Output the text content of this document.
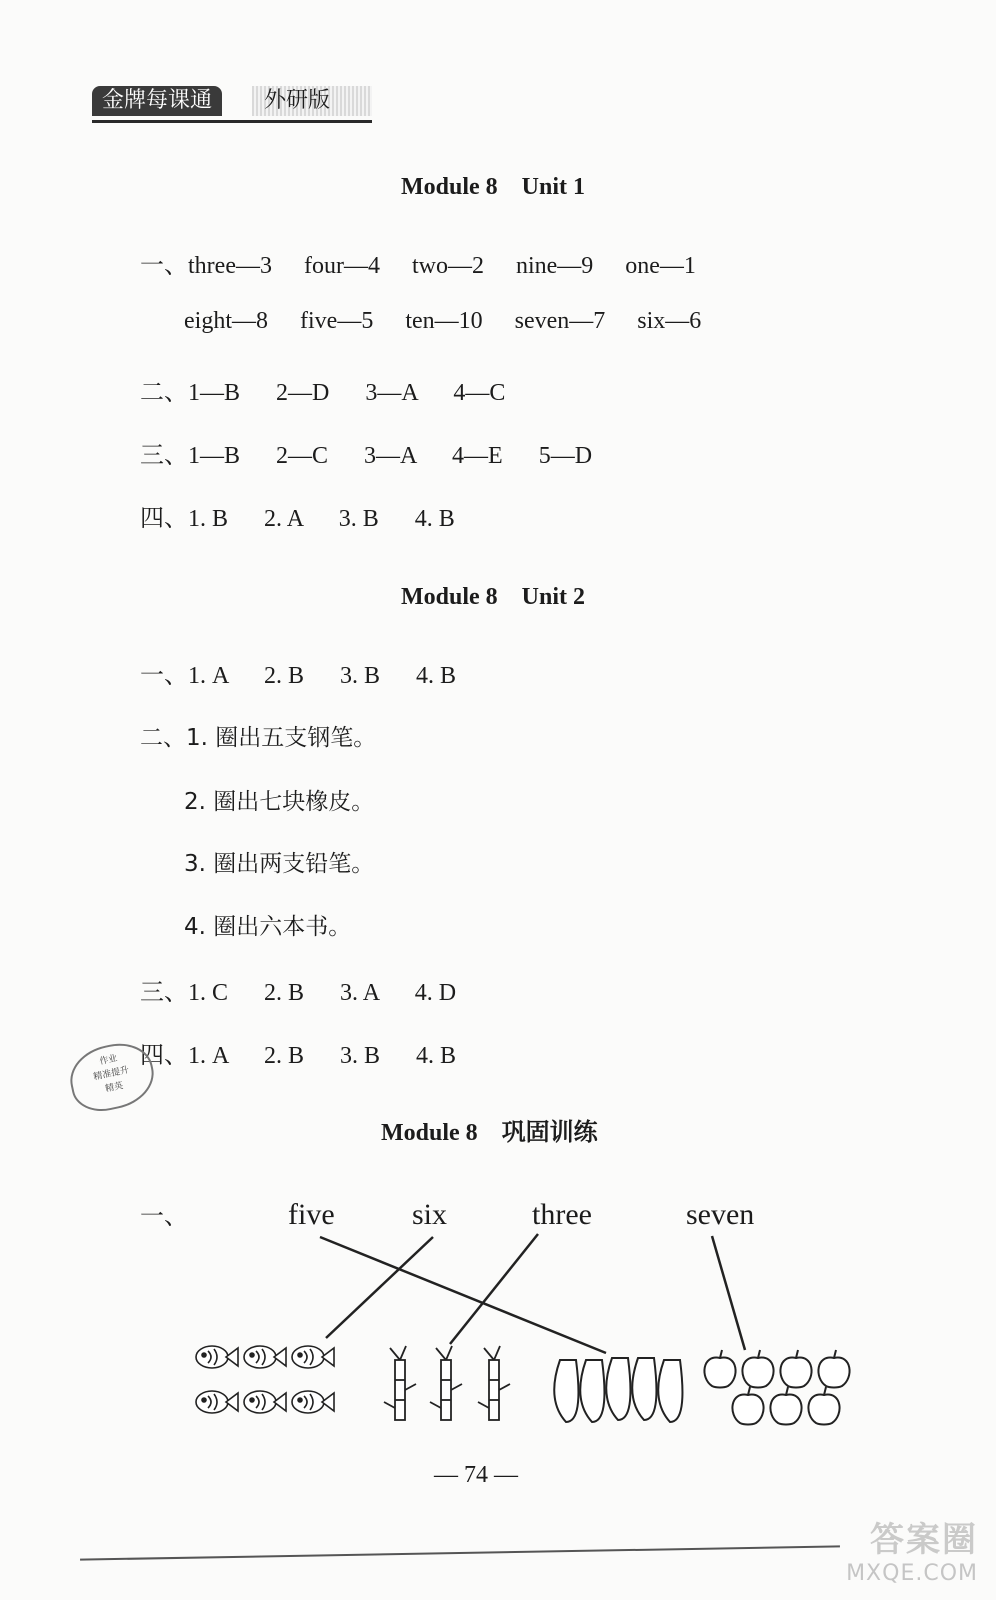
金牌每课通	外研版
Module 8　Unit 1
一、three—3 four—4 two—2 nine—9 one—1
eight—8 five—5 ten—10 seven—7 six—6
二、1—B 2—D 3—A 4—C
三、1—B 2—C 3—A 4—E 5—D
四、1. B 2. A 3. B 4. B
Module 8　Unit 2
一、1. A 2. B 3. B 4. B
二、1. 圈出五支钢笔。
2. 圈出七块橡皮。
3. 圈出两支铅笔。
4. 圈出六本书。
三、1. C 2. B 3. A 4. D
四、1. A 2. B 3. B 4. B
作业
精准提升
精英
Module 8　巩固训练
一、	five	six	three	seven
— 74 —
答案圈
MXQE.COM
